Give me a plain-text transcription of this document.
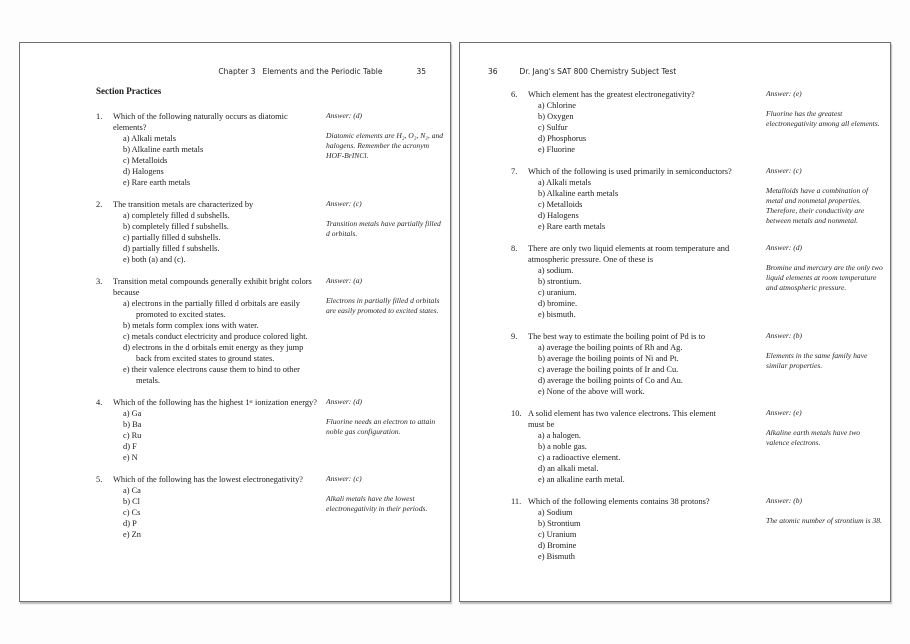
Chapter 3 Elements and the Periodic Table	35
Section Practices
1.	Which of the following naturally occurs as diatomic elements?
a) Alkali metals
b) Alkaline earth metals
c) Metalloids
d) Halogens
e) Rare earth metals
Answer: (d)
Diatomic elements are H₂, O₂, N₂, and halogens. Remember the acronym HOF-BrINCl.
2.	The transition metals are characterized by
a) completely filled d subshells.
b) completely filled f subshells.
c) partially filled d subshells.
d) partially filled f subshells.
e) both (a) and (c).
Answer: (c)
Transition metals have partially filled d orbitals.
3.	Transition metal compounds generally exhibit bright colors because
a) electrons in the partially filled d orbitals are easily promoted to excited states.
b) metals form complex ions with water.
c) metals conduct electricity and produce colored light.
d) electrons in the d orbitals emit energy as they jump back from excited states to ground states.
e) their valence electrons cause them to bind to other metals.
Answer: (a)
Electrons in partially filled d orbitals are easily promoted to excited states.
4.	Which of the following has the highest 1ˢᵗ ionization energy?
a) Ga
b) Ba
c) Ru
d) F
e) N
Answer: (d)
Fluorine needs an electron to attain noble gas configuration.
5.	Which of the following has the lowest electronegativity?
a) Ca
b) Cl
c) Cs
d) P
e) Zn
Answer: (c)
Alkali metals have the lowest electronegativity in their periods.
36	Dr. Jang's SAT 800 Chemistry Subject Test
6.	Which element has the greatest electronegativity?
a) Chlorine
b) Oxygen
c) Sulfur
d) Phosphorus
e) Fluorine
Answer: (e)
Fluorine has the greatest electronegativity among all elements.
7.	Which of the following is used primarily in semiconductors?
a) Alkali metals
b) Alkaline earth metals
c) Metalloids
d) Halogens
e) Rare earth metals
Answer: (c)
Metalloids have a combination of metal and nonmetal properties. Therefore, their conductivity are between metals and nonmetal.
8.	There are only two liquid elements at room temperature and atmospheric pressure. One of these is
a) sodium.
b) strontium.
c) uranium.
d) bromine.
e) bismuth.
Answer: (d)
Bromine and mercury are the only two liquid elements at room temperature and atmospheric pressure.
9.	The best way to estimate the boiling point of Pd is to
a) average the boiling points of Rh and Ag.
b) average the boiling points of Ni and Pt.
c) average the boiling points of Ir and Cu.
d) average the boiling points of Co and Au.
e) None of the above will work.
Answer: (b)
Elements in the same family have similar properties.
10. A solid element has two valence electrons. This element must be
a) a halogen.
b) a noble gas.
c) a radioactive element.
d) an alkali metal.
e) an alkaline earth metal.
Answer: (e)
Alkaline earth metals have two valence electrons.
11. Which of the following elements contains 38 protons?
a) Sodium
b) Strontium
c) Uranium
d) Bromine
e) Bismuth
Answer: (b)
The atomic number of strontium is 38.
